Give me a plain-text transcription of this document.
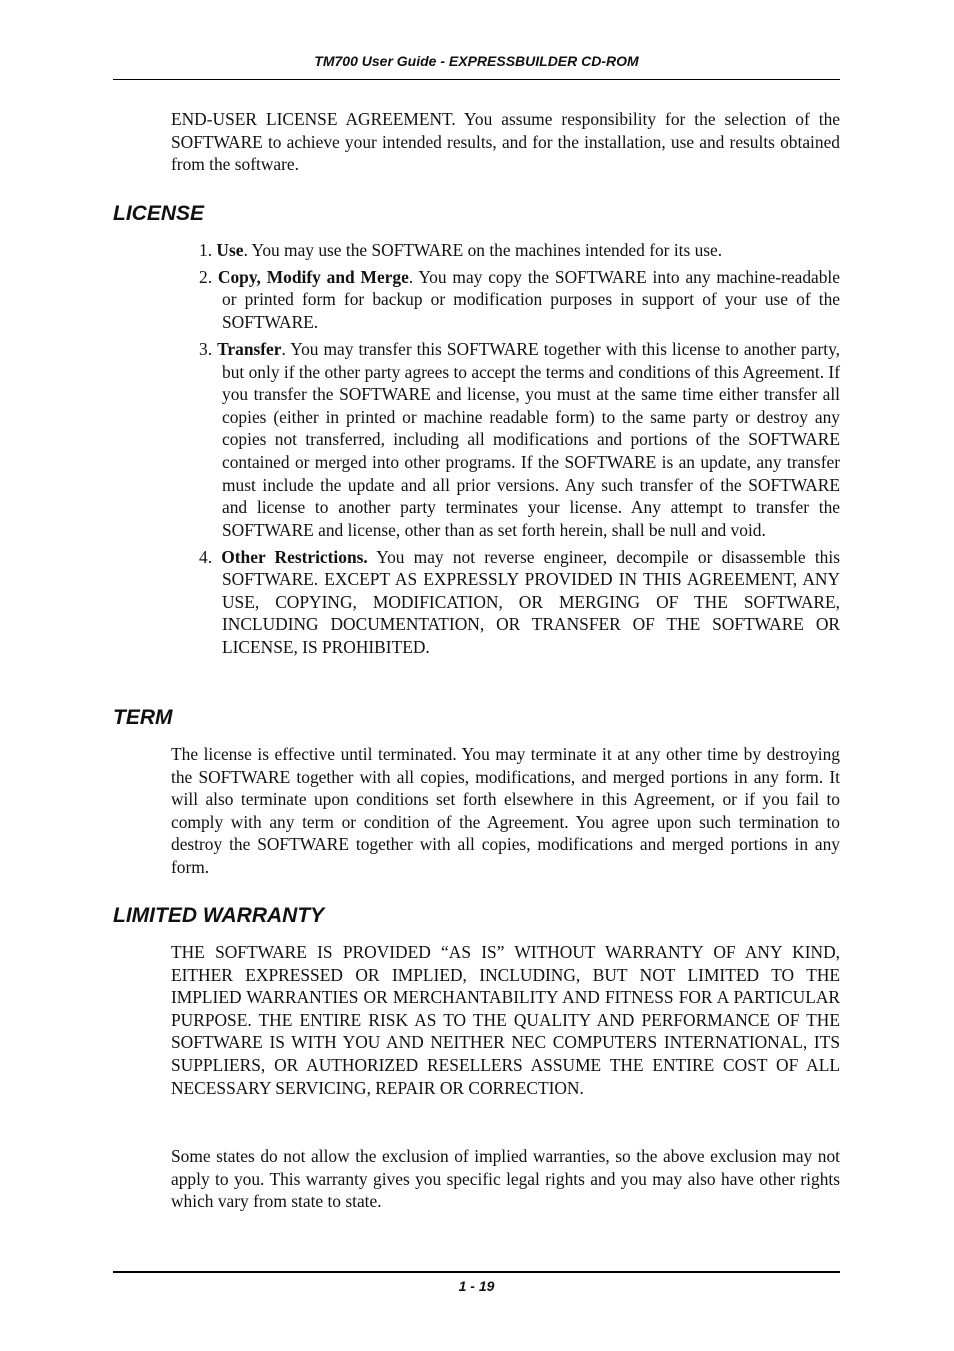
TM700 User Guide - EXPRESSBUILDER CD-ROM
END-USER LICENSE AGREEMENT. You assume responsibility for the selection of the SOFTWARE to achieve your intended results, and for the installation, use and results obtained from the software.
LICENSE
1. Use. You may use the SOFTWARE on the machines intended for its use.
2. Copy, Modify and Merge. You may copy the SOFTWARE into any machine-readable or printed form for backup or modification purposes in support of your use of the SOFTWARE.
3. Transfer. You may transfer this SOFTWARE together with this license to another party, but only if the other party agrees to accept the terms and conditions of this Agreement. If you transfer the SOFTWARE and license, you must at the same time either transfer all copies (either in printed or machine readable form) to the same party or destroy any copies not transferred, including all modifications and portions of the SOFTWARE contained or merged into other programs. If the SOFTWARE is an update, any transfer must include the update and all prior versions. Any such transfer of the SOFTWARE and license to another party terminates your license. Any attempt to transfer the SOFTWARE and license, other than as set forth herein, shall be null and void.
4. Other Restrictions. You may not reverse engineer, decompile or disassemble this SOFTWARE. EXCEPT AS EXPRESSLY PROVIDED IN THIS AGREEMENT, ANY USE, COPYING, MODIFICATION, OR MERGING OF THE SOFTWARE, INCLUDING DOCUMENTATION, OR TRANSFER OF THE SOFTWARE OR LICENSE, IS PROHIBITED.
TERM
The license is effective until terminated. You may terminate it at any other time by destroying the SOFTWARE together with all copies, modifications, and merged portions in any form. It will also terminate upon conditions set forth elsewhere in this Agreement, or if you fail to comply with any term or condition of the Agreement. You agree upon such termination to destroy the SOFTWARE together with all copies, modifications and merged portions in any form.
LIMITED WARRANTY
THE SOFTWARE IS PROVIDED “AS IS” WITHOUT WARRANTY OF ANY KIND, EITHER EXPRESSED OR IMPLIED, INCLUDING, BUT NOT LIMITED TO THE IMPLIED WARRANTIES OR MERCHANTABILITY AND FITNESS FOR A PARTICULAR PURPOSE. THE ENTIRE RISK AS TO THE QUALITY AND PERFORMANCE OF THE SOFTWARE IS WITH YOU AND NEITHER NEC COMPUTERS INTERNATIONAL, ITS SUPPLIERS, OR AUTHORIZED RESELLERS ASSUME THE ENTIRE COST OF ALL NECESSARY SERVICING, REPAIR OR CORRECTION.
Some states do not allow the exclusion of implied warranties, so the above exclusion may not apply to you. This warranty gives you specific legal rights and you may also have other rights which vary from state to state.
1 - 19
